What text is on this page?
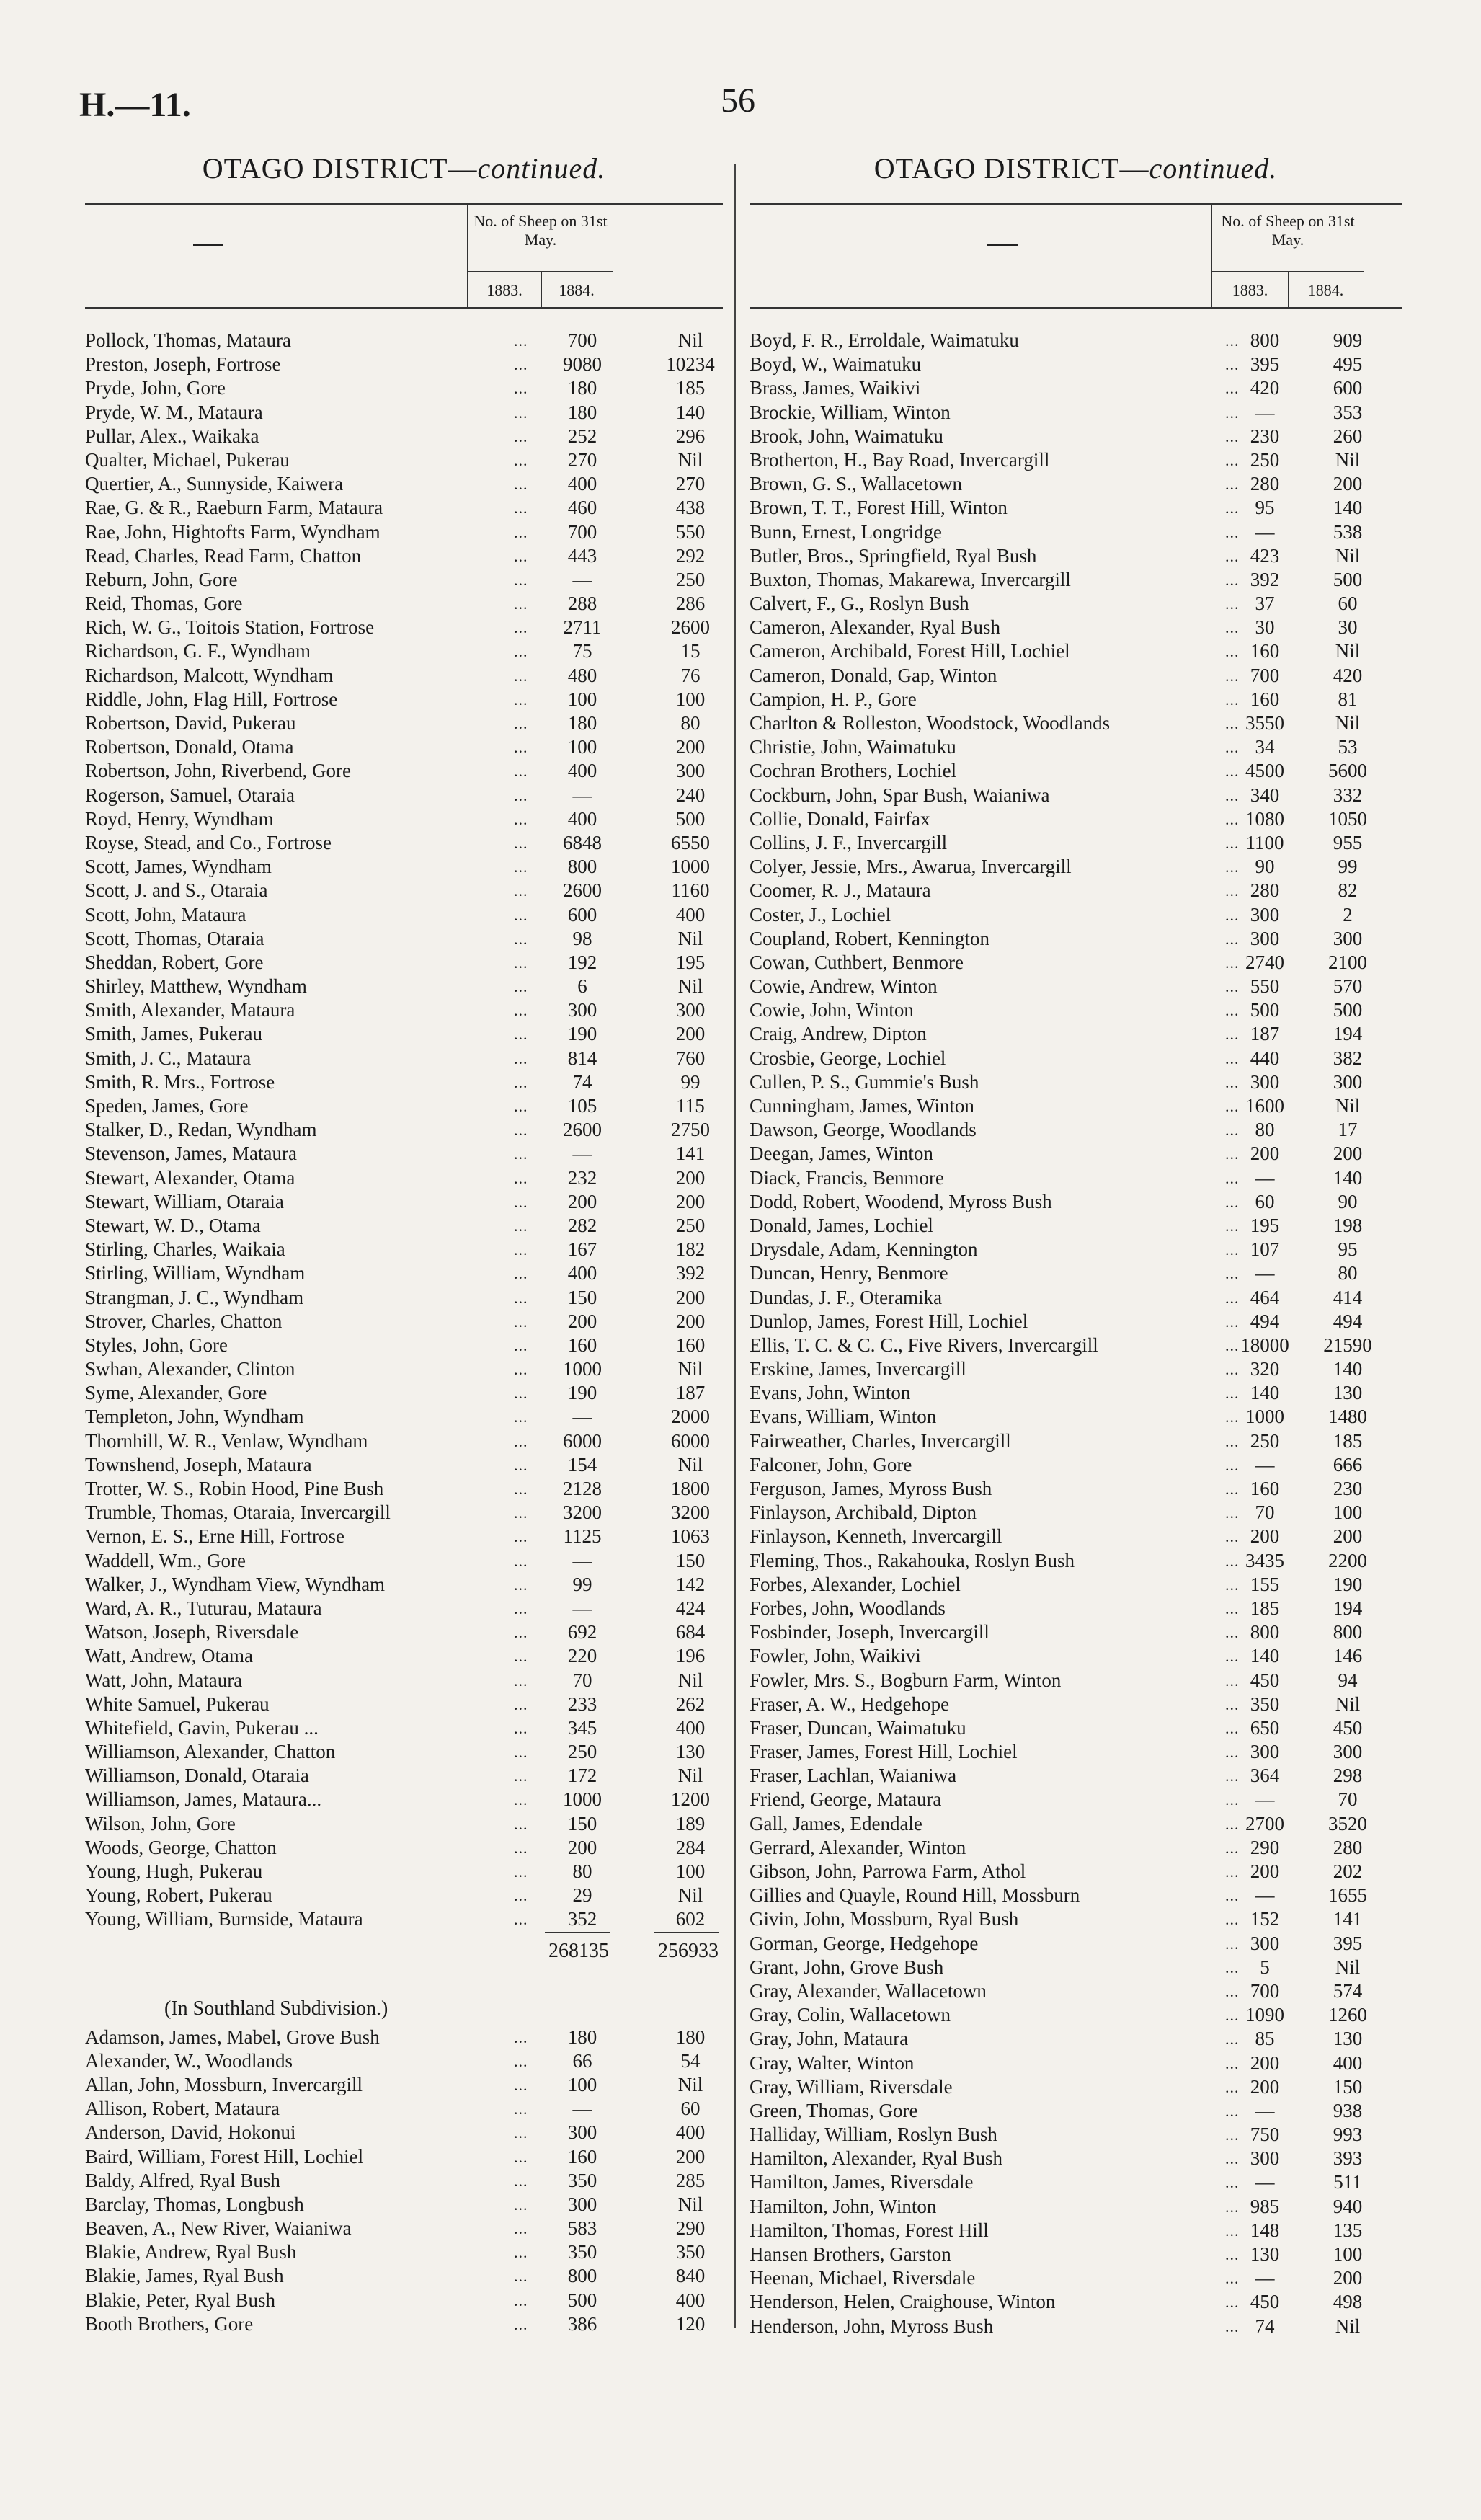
H.—11.	56
OTAGO DISTRICT—continued.
No. of Sheep on 31st May.
1883.	1884.
Pollock, Thomas, Mataura	...	700	Nil
Preston, Joseph, Fortrose	...	9080	10234
Pryde, John, Gore	...	180	185
Pryde, W. M., Mataura	...	180	140
Pullar, Alex., Waikaka	...	252	296
Qualter, Michael, Pukerau	...	270	Nil
Quertier, A., Sunnyside, Kaiwera	...	400	270
Rae, G. & R., Raeburn Farm, Mataura	...	460	438
Rae, John, Hightofts Farm, Wyndham	...	700	550
Read, Charles, Read Farm, Chatton	...	443	292
Reburn, John, Gore	...	—	250
Reid, Thomas, Gore	...	288	286
Rich, W. G., Toitois Station, Fortrose	...	2711	2600
Richardson, G. F., Wyndham	...	75	15
Richardson, Malcott, Wyndham	...	480	76
Riddle, John, Flag Hill, Fortrose	...	100	100
Robertson, David, Pukerau	...	180	80
Robertson, Donald, Otama	...	100	200
Robertson, John, Riverbend, Gore	...	400	300
Rogerson, Samuel, Otaraia	...	—	240
Royd, Henry, Wyndham	...	400	500
Royse, Stead, and Co., Fortrose	...	6848	6550
Scott, James, Wyndham	...	800	1000
Scott, J. and S., Otaraia	...	2600	1160
Scott, John, Mataura	...	600	400
Scott, Thomas, Otaraia	...	98	Nil
Sheddan, Robert, Gore	...	192	195
Shirley, Matthew, Wyndham	...	6	Nil
Smith, Alexander, Mataura	...	300	300
Smith, James, Pukerau	...	190	200
Smith, J. C., Mataura	...	814	760
Smith, R. Mrs., Fortrose	...	74	99
Speden, James, Gore	...	105	115
Stalker, D., Redan, Wyndham	...	2600	2750
Stevenson, James, Mataura	...	—	141
Stewart, Alexander, Otama	...	232	200
Stewart, William, Otaraia	...	200	200
Stewart, W. D., Otama	...	282	250
Stirling, Charles, Waikaia	...	167	182
Stirling, William, Wyndham	...	400	392
Strangman, J. C., Wyndham	...	150	200
Strover, Charles, Chatton	...	200	200
Styles, John, Gore	...	160	160
Swhan, Alexander, Clinton	...	1000	Nil
Syme, Alexander, Gore	...	190	187
Templeton, John, Wyndham	...	—	2000
Thornhill, W. R., Venlaw, Wyndham	...	6000	6000
Townshend, Joseph, Mataura	...	154	Nil
Trotter, W. S., Robin Hood, Pine Bush	...	2128	1800
Trumble, Thomas, Otaraia, Invercargill	...	3200	3200
Vernon, E. S., Erne Hill, Fortrose	...	1125	1063
Waddell, Wm., Gore	...	—	150
Walker, J., Wyndham View, Wyndham	...	99	142
Ward, A. R., Tuturau, Mataura	...	—	424
Watson, Joseph, Riversdale	...	692	684
Watt, Andrew, Otama	...	220	196
Watt, John, Mataura	...	70	Nil
White Samuel, Pukerau	...	233	262
Whitefield, Gavin, Pukerau ...	...	345	400
Williamson, Alexander, Chatton	...	250	130
Williamson, Donald, Otaraia	...	172	Nil
Williamson, James, Mataura...	...	1000	1200
Wilson, John, Gore	...	150	189
Woods, George, Chatton	...	200	284
Young, Hugh, Pukerau	...	80	100
Young, Robert, Pukerau	...	29	Nil
Young, William, Burnside, Mataura	...	352	602
268135	256933
(In Southland Subdivision.)
Adamson, James, Mabel, Grove Bush	...	180	180
Alexander, W., Woodlands	...	66	54
Allan, John, Mossburn, Invercargill	...	100	Nil
Allison, Robert, Mataura	...	—	60
Anderson, David, Hokonui	...	300	400
Baird, William, Forest Hill, Lochiel	...	160	200
Baldy, Alfred, Ryal Bush	...	350	285
Barclay, Thomas, Longbush	...	300	Nil
Beaven, A., New River, Waianiwa	...	583	290
Blakie, Andrew, Ryal Bush	...	350	350
Blakie, James, Ryal Bush	...	800	840
Blakie, Peter, Ryal Bush	...	500	400
Booth Brothers, Gore	...	386	120
OTAGO DISTRICT—continued.
No. of Sheep on 31st May.
1883.	1884.
Boyd, F. R., Erroldale, Waimatuku	... 800	909
Boyd, W., Waimatuku	... 395	495
Brass, James, Waikivi	... 420	600
Brockie, William, Winton	... —	353
Brook, John, Waimatuku	... 230	260
Brotherton, H., Bay Road, Invercargill	... 250	Nil
Brown, G. S., Wallacetown	... 280	200
Brown, T. T., Forest Hill, Winton	... 95	140
Bunn, Ernest, Longridge	... —	538
Butler, Bros., Springfield, Ryal Bush	... 423	Nil
Buxton, Thomas, Makarewa, Invercargill	... 392	500
Calvert, F., G., Roslyn Bush	... 37	60
Cameron, Alexander, Ryal Bush	... 30	30
Cameron, Archibald, Forest Hill, Lochiel	... 160	Nil
Cameron, Donald, Gap, Winton	... 700	420
Campion, H. P., Gore	... 160	81
Charlton & Rolleston, Woodstock, Woodlands	... 3550	Nil
Christie, John, Waimatuku	... 34	53
Cochran Brothers, Lochiel	... 4500	5600
Cockburn, John, Spar Bush, Waianiwa	... 340	332
Collie, Donald, Fairfax	... 1080	1050
Collins, J. F., Invercargill	... 1100	955
Colyer, Jessie, Mrs., Awarua, Invercargill	... 90	99
Coomer, R. J., Mataura	... 280	82
Coster, J., Lochiel	... 300	2
Coupland, Robert, Kennington	... 300	300
Cowan, Cuthbert, Benmore	... 2740	2100
Cowie, Andrew, Winton	... 550	570
Cowie, John, Winton	... 500	500
Craig, Andrew, Dipton	... 187	194
Crosbie, George, Lochiel	... 440	382
Cullen, P. S., Gummie's Bush	... 300	300
Cunningham, James, Winton	... 1600	Nil
Dawson, George, Woodlands	... 80	17
Deegan, James, Winton	... 200	200
Diack, Francis, Benmore	... —	140
Dodd, Robert, Woodend, Myross Bush	... 60	90
Donald, James, Lochiel	... 195	198
Drysdale, Adam, Kennington	... 107	95
Duncan, Henry, Benmore	... —	80
Dundas, J. F., Oteramika	... 464	414
Dunlop, James, Forest Hill, Lochiel	... 494	494
Ellis, T. C. & C. C., Five Rivers, Invercargill	... 18000	21590
Erskine, James, Invercargill	... 320	140
Evans, John, Winton	... 140	130
Evans, William, Winton	... 1000	1480
Fairweather, Charles, Invercargill	... 250	185
Falconer, John, Gore	... —	666
Ferguson, James, Myross Bush	... 160	230
Finlayson, Archibald, Dipton	... 70	100
Finlayson, Kenneth, Invercargill	... 200	200
Fleming, Thos., Rakahouka, Roslyn Bush	... 3435	2200
Forbes, Alexander, Lochiel	... 155	190
Forbes, John, Woodlands	... 185	194
Fosbinder, Joseph, Invercargill	... 800	800
Fowler, John, Waikivi	... 140	146
Fowler, Mrs. S., Bogburn Farm, Winton	... 450	94
Fraser, A. W., Hedgehope	... 350	Nil
Fraser, Duncan, Waimatuku	... 650	450
Fraser, James, Forest Hill, Lochiel	... 300	300
Fraser, Lachlan, Waianiwa	... 364	298
Friend, George, Mataura	... —	70
Gall, James, Edendale	... 2700	3520
Gerrard, Alexander, Winton	... 290	280
Gibson, John, Parrowa Farm, Athol	... 200	202
Gillies and Quayle, Round Hill, Mossburn	... —	1655
Givin, John, Mossburn, Ryal Bush	... 152	141
Gorman, George, Hedgehope	... 300	395
Grant, John, Grove Bush	...	5	Nil
Gray, Alexander, Wallacetown	... 700	574
Gray, Colin, Wallacetown	... 1090	1260
Gray, John, Mataura	... 85	130
Gray, Walter, Winton	... 200	400
Gray, William, Riversdale	... 200	150
Green, Thomas, Gore	... —	938
Halliday, William, Roslyn Bush	... 750	993
Hamilton, Alexander, Ryal Bush	... 300	393
Hamilton, James, Riversdale	... —	511
Hamilton, John, Winton	... 985	940
Hamilton, Thomas, Forest Hill	... 148	135
Hansen Brothers, Garston	... 130	100
Heenan, Michael, Riversdale	... —	200
Henderson, Helen, Craighouse, Winton	... 450	498
Henderson, John, Myross Bush	... 74	Nil
